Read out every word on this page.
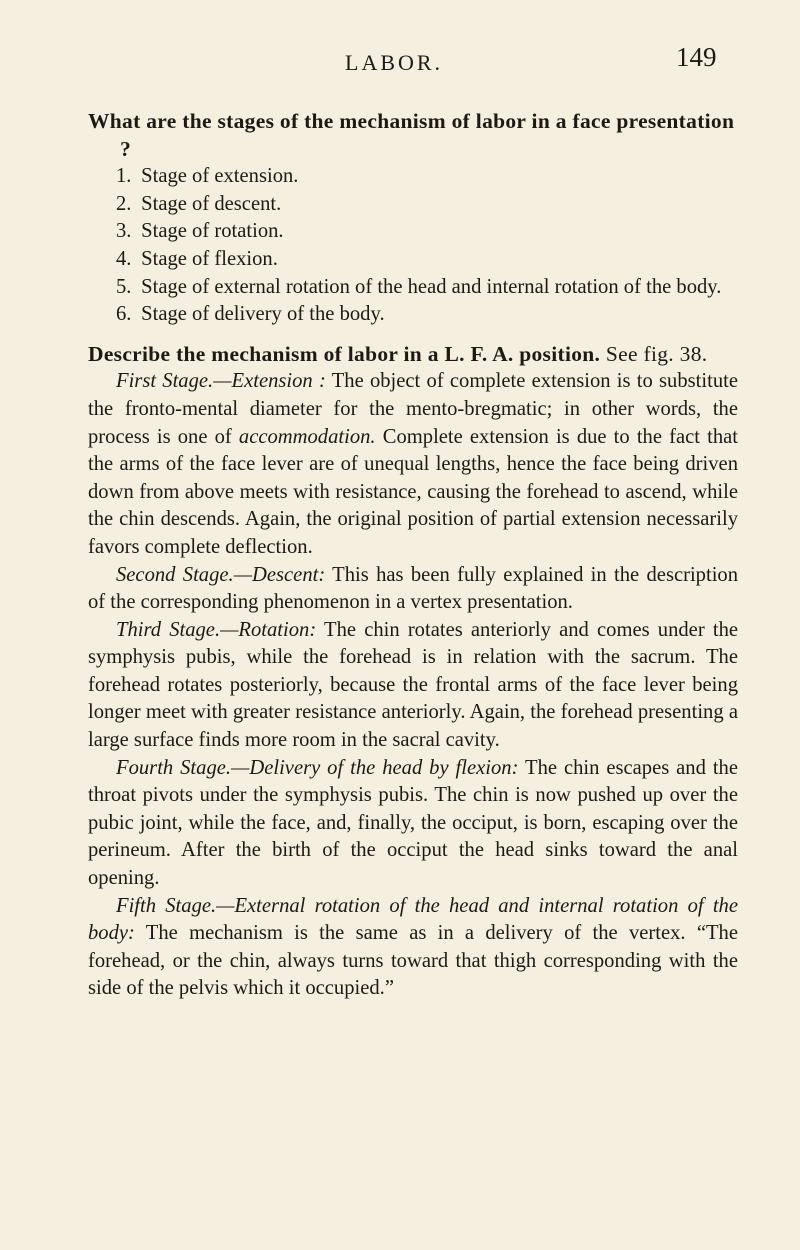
LABOR.	149

What are the stages of the mechanism of labor in a face presentation ?

1. Stage of extension.
2. Stage of descent.
3. Stage of rotation.
4. Stage of flexion.
5. Stage of external rotation of the head and internal rotation of the body.
6. Stage of delivery of the body.

Describe the mechanism of labor in a L. F. A. position. See fig. 38.

First Stage.—Extension : The object of complete extension is to substitute the fronto-mental diameter for the mento-bregmatic; in other words, the process is one of accommodation. Complete extension is due to the fact that the arms of the face lever are of unequal lengths, hence the face being driven down from above meets with resistance, causing the forehead to ascend, while the chin descends. Again, the original position of partial extension necessarily favors complete deflection.

Second Stage.—Descent: This has been fully explained in the description of the corresponding phenomenon in a vertex presentation.

Third Stage.—Rotation: The chin rotates anteriorly and comes under the symphysis pubis, while the forehead is in relation with the sacrum. The forehead rotates posteriorly, because the frontal arms of the face lever being longer meet with greater resistance anteriorly. Again, the forehead presenting a large surface finds more room in the sacral cavity.

Fourth Stage.—Delivery of the head by flexion: The chin escapes and the throat pivots under the symphysis pubis. The chin is now pushed up over the pubic joint, while the face, and, finally, the occiput, is born, escaping over the perineum. After the birth of the occiput the head sinks toward the anal opening.

Fifth Stage.—External rotation of the head and internal rotation of the body: The mechanism is the same as in a delivery of the vertex. “The forehead, or the chin, always turns toward that thigh corresponding with the side of the pelvis which it occupied.”
